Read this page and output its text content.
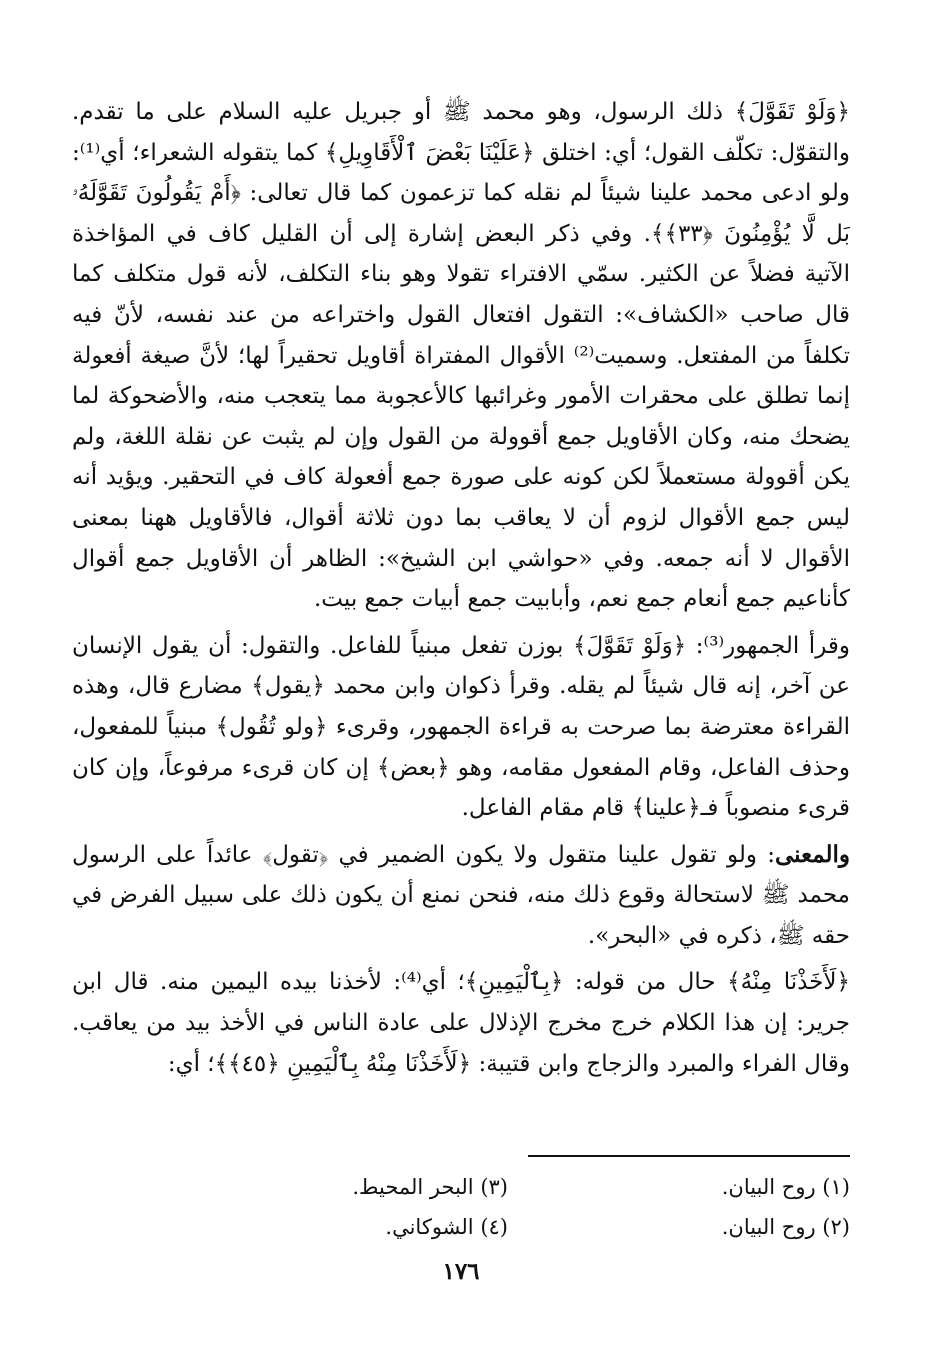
﴿وَلَوْ تَقَوَّلَ﴾ ذلك الرسول، وهو محمد ﷺ أو جبريل عليه السلام على ما تقدم. والتقوّل: تكلّف القول؛ أي: اختلق ﴿عَلَيْنَا بَعْضَ ٱلْأَقَاوِيلِ﴾ كما يتقوله الشعراء؛ أي⁽¹⁾: ولو ادعى محمد علينا شيئاً لم نقله كما تزعمون كما قال تعالى: ﴿أَمْ يَقُولُونَ تَقَوَّلَهُۥ بَل لَّا يُؤْمِنُونَ ﴿٣٣﴾﴾. وفي ذكر البعض إشارة إلى أن القليل كاف في المؤاخذة الآتية فضلاً عن الكثير. سمّي الافتراء تقولا وهو بناء التكلف، لأنه قول متكلف كما قال صاحب «الكشاف»: التقول افتعال القول واختراعه من عند نفسه، لأنّ فيه تكلفاً من المفتعل. وسميت⁽²⁾ الأقوال المفتراة أقاويل تحقيراً لها؛ لأنَّ صيغة أفعولة إنما تطلق على محقرات الأمور وغرائبها كالأعجوبة مما يتعجب منه، والأضحوكة لما يضحك منه، وكان الأقاويل جمع أقوولة من القول وإن لم يثبت عن نقلة اللغة، ولم يكن أقوولة مستعملاً لكن كونه على صورة جمع أفعولة كاف في التحقير. ويؤيد أنه ليس جمع الأقوال لزوم أن لا يعاقب بما دون ثلاثة أقوال، فالأقاويل ههنا بمعنى الأقوال لا أنه جمعه. وفي «حواشي ابن الشيخ»: الظاهر أن الأقاويل جمع أقوال كأناعيم جمع أنعام جمع نعم، وأبابيت جمع أبيات جمع بيت.

وقرأ الجمهور⁽³⁾: ﴿وَلَوْ تَقَوَّلَ﴾ بوزن تفعل مبنياً للفاعل. والتقول: أن يقول الإنسان عن آخر، إنه قال شيئاً لم يقله. وقرأ ذكوان وابن محمد ﴿يقول﴾ مضارع قال، وهذه القراءة معترضة بما صرحت به قراءة الجمهور، وقرىء ﴿ولو تُقُول﴾ مبنياً للمفعول، وحذف الفاعل، وقام المفعول مقامه، وهو ﴿بعض﴾ إن كان قرىء مرفوعاً، وإن كان قرىء منصوباً فـ﴿علينا﴾ قام مقام الفاعل.

والمعنى: ولو تقول علينا متقول ولا يكون الضمير في ﴿تقول﴾ عائداً على الرسول محمد ﷺ لاستحالة وقوع ذلك منه، فنحن نمنع أن يكون ذلك على سبيل الفرض في حقه ﷺ، ذكره في «البحر».

﴿لَأَخَذْنَا مِنْهُ﴾ حال من قوله: ﴿بِٱلْيَمِينِ﴾؛ أي⁽⁴⁾: لأخذنا بيده اليمين منه. قال ابن جرير: إن هذا الكلام خرج مخرج الإذلال على عادة الناس في الأخذ بيد من يعاقب. وقال الفراء والمبرد والزجاج وابن قتيبة: ﴿لَأَخَذْنَا مِنْهُ بِٱلْيَمِينِ ﴿٤٥﴾﴾؛ أي:

(١) روح البيان.
(٣) البحر المحيط.
(٢) روح البيان.
(٤) الشوكاني.
١٧٦
